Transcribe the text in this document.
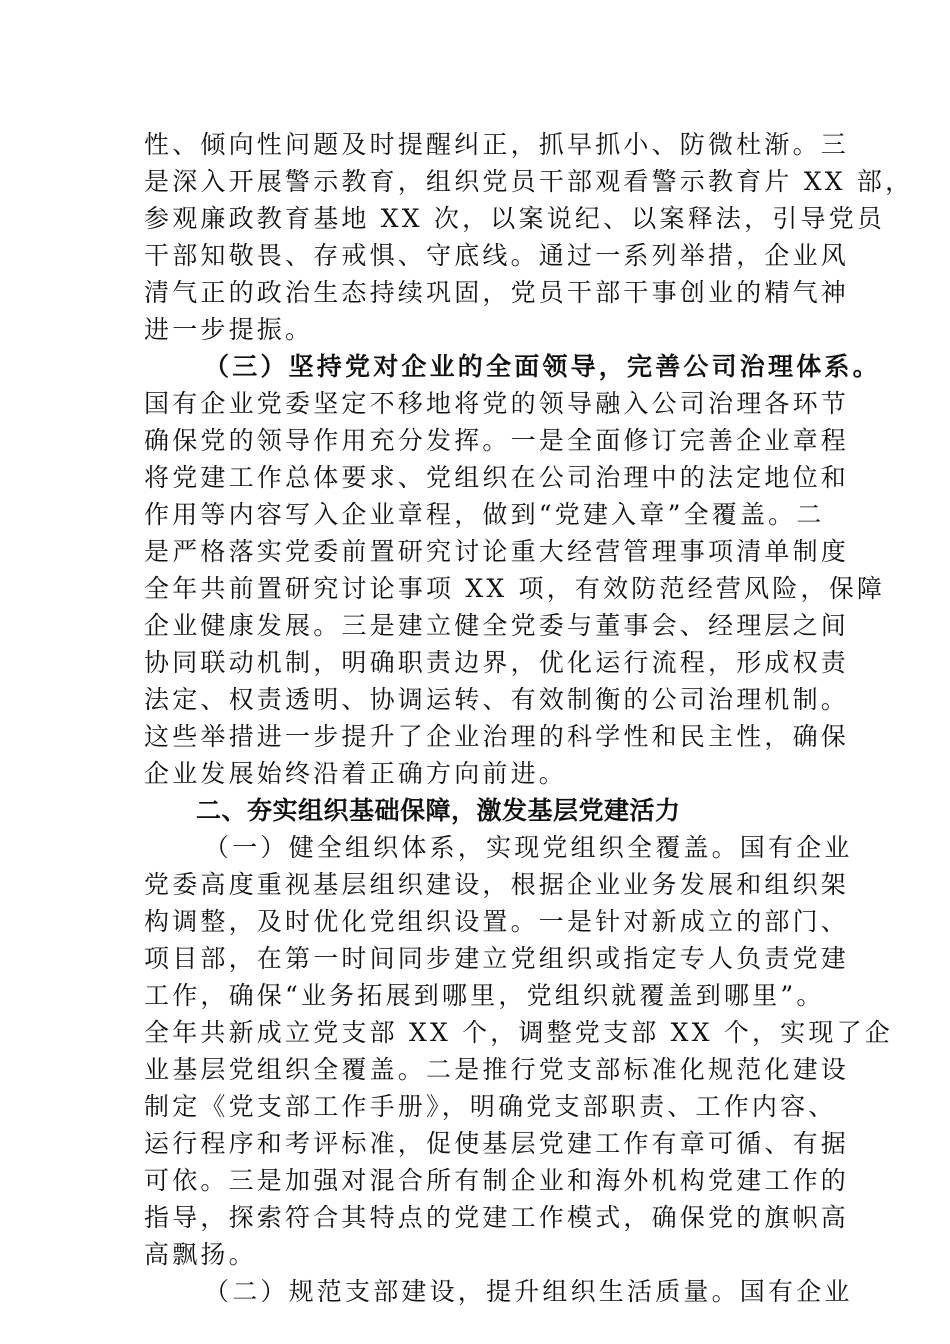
性、倾向性问题及时提醒纠正，抓早抓小、防微杜渐。三
是深入开展警示教育，组织党员干部观看警示教育片 XX 部，
参观廉政教育基地 XX 次，以案说纪、以案释法，引导党员
干部知敬畏、存戒惧、守底线。通过一系列举措，企业风
清气正的政治生态持续巩固，党员干部干事创业的精气神
进一步提振。
（三）坚持党对企业的全面领导，完善公司治理体系。
国有企业党委坚定不移地将党的领导融入公司治理各环节
确保党的领导作用充分发挥。一是全面修订完善企业章程
将党建工作总体要求、党组织在公司治理中的法定地位和
作用等内容写入企业章程，做到“党建入章”全覆盖。二
是严格落实党委前置研究讨论重大经营管理事项清单制度
全年共前置研究讨论事项 XX 项，有效防范经营风险，保障
企业健康发展。三是建立健全党委与董事会、经理层之间
协同联动机制，明确职责边界，优化运行流程，形成权责
法定、权责透明、协调运转、有效制衡的公司治理机制。
这些举措进一步提升了企业治理的科学性和民主性，确保
企业发展始终沿着正确方向前进。
二、夯实组织基础保障，激发基层党建活力
（一）健全组织体系，实现党组织全覆盖。国有企业
党委高度重视基层组织建设，根据企业业务发展和组织架
构调整，及时优化党组织设置。一是针对新成立的部门、
项目部，在第一时间同步建立党组织或指定专人负责党建
工作，确保“业务拓展到哪里，党组织就覆盖到哪里”。
全年共新成立党支部 XX 个，调整党支部 XX 个，实现了企
业基层党组织全覆盖。二是推行党支部标准化规范化建设
制定《党支部工作手册》，明确党支部职责、工作内容、
运行程序和考评标准，促使基层党建工作有章可循、有据
可依。三是加强对混合所有制企业和海外机构党建工作的
指导，探索符合其特点的党建工作模式，确保党的旗帜高
高飘扬。
（二）规范支部建设，提升组织生活质量。国有企业
